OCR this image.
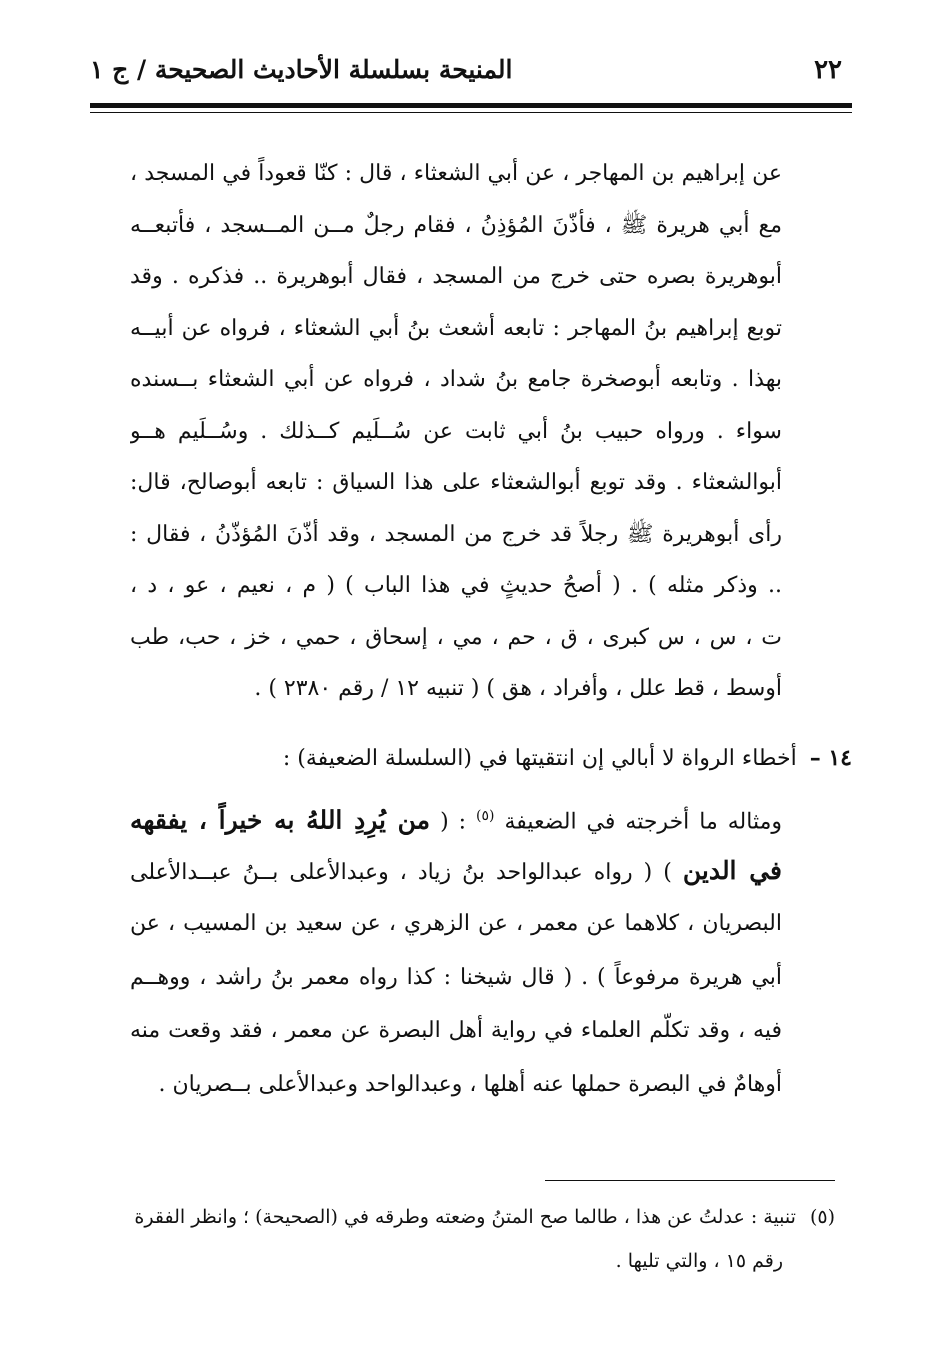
٢٢
المنيحة بسلسلة الأحاديث الصحيحة / ج ١
عن إبراهيم بن المهاجر ، عن أبي الشعثاء ، قال : كنّا قعوداً في المسجد ،
مع أبي هريرة ﷺ ، فأذّنَ المُؤذِنُ ، فقام رجلٌ مــن المــسجد ، فأتبعــه
أبوهريرة بصره حتى خرج من المسجد ، فقال أبوهريرة .. فذكره . وقد
توبع إبراهيم بنُ المهاجر : تابعه أشعث بنُ أبي الشعثاء ، فرواه عن أبيــه
بهذا . وتابعه أبوصخرة جامع بنُ شداد ، فرواه عن أبي الشعثاء بــسنده
سواء . ورواه حبيب بنُ أبي ثابت عن سُــلَيم كــذلك . وسُــلَيم هــو
أبوالشعثاء . وقد توبع أبوالشعثاء على هذا السياق : تابعه أبوصالح، قال:
رأى أبوهريرة ﷺ رجلاً قد خرج من المسجد ، وقد أذّنَ المُؤذّنُ ، فقال :
.. وذكر مثله ) . ( أصحُ حديثٍ في هذا الباب ) ( م ، نعيم ، عو ، د ،
ت ، س ، س كبرى ، ق ، حم ، مي ، إسحاق ، حمي ، خز ، حب، طب
أوسط ، قط علل ، وأفراد ، هق ) ( تنبيه ١٢ / رقم ٢٣٨٠ ) .
١٤ – أخطاء الرواة لا أبالي إن انتقيتها في (السلسلة الضعيفة) :
ومثاله ما أخرجته في الضعيفة $^{(٥)}$ : ( من يُرِدِ اللهُ به خيراً ، يفقهه
في الدين ) ( رواه عبدالواحد بنُ زياد ، وعبدالأعلى بــنُ عبــدالأعلى
البصريان ، كلاهما عن معمر ، عن الزهري ، عن سعيد بن المسيب ، عن
أبي هريرة مرفوعاً ) . ( قال شيخنا : كذا رواه معمر بنُ راشد ، ووهــم
فيه ، وقد تكلّم العلماء في رواية أهل البصرة عن معمر ، فقد وقعت منه
أوهامٌ في البصرة حملها عنه أهلها ، وعبدالواحد وعبدالأعلى بــصريان .
(٥)تنبية : عدلتُ عن هذا ، طالما صح المتنُ وضعته وطرقه في (الصحيحة) ؛ وانظر الفقرة
رقم ١٥ ، والتي تليها .
